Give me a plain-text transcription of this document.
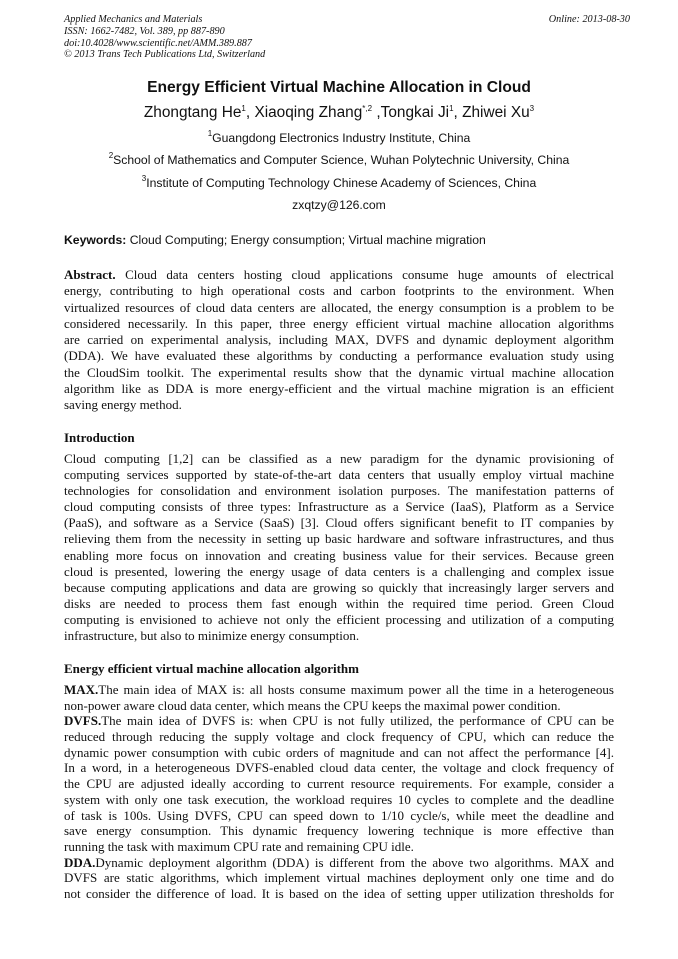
Applied Mechanics and Materials
ISSN: 1662-7482, Vol. 389, pp 887-890
doi:10.4028/www.scientific.net/AMM.389.887
© 2013 Trans Tech Publications Ltd, Switzerland
Online: 2013-08-30
Energy Efficient Virtual Machine Allocation in Cloud
Zhongtang He$^1$, Xiaoqing Zhang$^{*,2}$ ,Tongkai Ji$^1$, Zhiwei Xu$^3$
$^1$Guangdong Electronics Industry Institute, China
$^2$School of Mathematics and Computer Science, Wuhan Polytechnic University, China
$^3$Institute of Computing Technology Chinese Academy of Sciences, China
zxqtzy@126.com
Keywords: Cloud Computing; Energy consumption; Virtual machine migration
Abstract. Cloud data centers hosting cloud applications consume huge amounts of electrical
energy, contributing to high operational costs and carbon footprints to the environment. When
virtualized resources of cloud data centers are allocated, the energy consumption is a problem to be
considered necessarily. In this paper, three energy efficient virtual machine allocation algorithms
are carried on experimental analysis, including MAX, DVFS and dynamic deployment algorithm
(DDA). We have evaluated these algorithms by conducting a performance evaluation study using
the CloudSim toolkit. The experimental results show that the dynamic virtual machine allocation
algorithm like as DDA is more energy-efficient and the virtual machine migration is an efficient
saving energy method.
Introduction
Cloud computing [1,2] can be classified as a new paradigm for the dynamic provisioning of
computing services supported by state-of-the-art data centers that usually employ virtual machine
technologies for consolidation and environment isolation purposes. The manifestation patterns of
cloud computing consists of three types: Infrastructure as a Service (IaaS), Platform as a Service
(PaaS), and software as a Service (SaaS) [3]. Cloud offers significant benefit to IT companies by
relieving them from the necessity in setting up basic hardware and software infrastructures, and thus
enabling more focus on innovation and creating business value for their services. Because green
cloud is presented, lowering the energy usage of data centers is a challenging and complex issue
because computing applications and data are growing so quickly that increasingly larger servers and
disks are needed to process them fast enough within the required time period. Green Cloud
computing is envisioned to achieve not only the efficient processing and utilization of a computing
infrastructure, but also to minimize energy consumption.
Energy efficient virtual machine allocation algorithm
MAX.The main idea of MAX is: all hosts consume maximum power all the time in a heterogeneous
non-power aware cloud data center, which means the CPU keeps the maximal power condition.
DVFS.The main idea of DVFS is: when CPU is not fully utilized, the performance of CPU can be
reduced through reducing the supply voltage and clock frequency of CPU, which can reduce the
dynamic power consumption with cubic orders of magnitude and can not affect the performance [4].
In a word, in a heterogeneous DVFS-enabled cloud data center, the voltage and clock frequency of
the CPU are adjusted ideally according to current resource requirements. For example, consider a
system with only one task execution, the workload requires 10 cycles to complete and the deadline
of task is 100s. Using DVFS, CPU can speed down to 1/10 cycle/s, while meet the deadline and
save energy consumption. This dynamic frequency lowering technique is more effective than
running the task with maximum CPU rate and remaining CPU idle.
DDA.Dynamic deployment algorithm (DDA) is different from the above two algorithms. MAX and
DVFS are static algorithms, which implement virtual machines deployment only one time and do
not consider the difference of load. It is based on the idea of setting upper utilization thresholds for
